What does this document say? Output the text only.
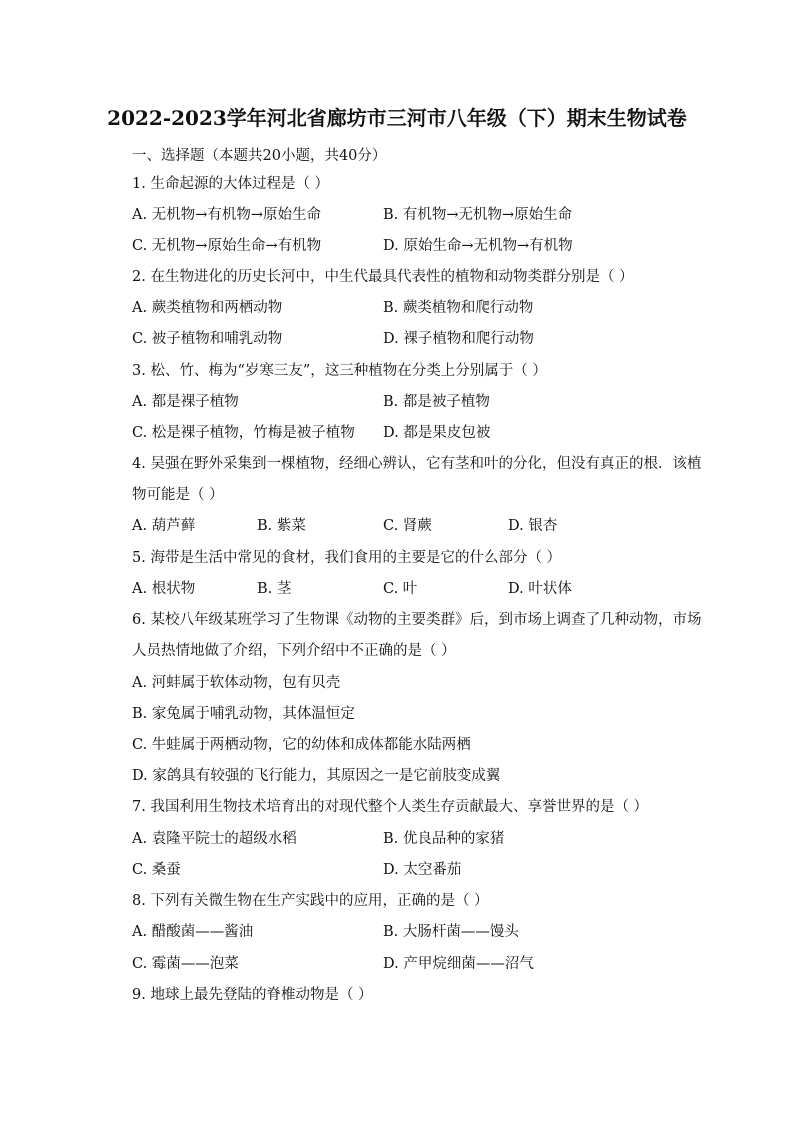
2022-2023学年河北省廊坊市三河市八年级（下）期末生物试卷
一、选择题（本题共20小题，共40分）
1. 生命起源的大体过程是（ ）
A. 无机物→有机物→原始生命	B. 有机物→无机物→原始生命
C. 无机物→原始生命→有机物	D. 原始生命→无机物→有机物
2. 在生物进化的历史长河中，中生代最具代表性的植物和动物类群分别是（ ）
A. 蕨类植物和两栖动物	B. 蕨类植物和爬行动物
C. 被子植物和哺乳动物	D. 裸子植物和爬行动物
3. 松、竹、梅为“岁寒三友”，这三种植物在分类上分别属于（ ）
A. 都是裸子植物	B. 都是被子植物
C. 松是裸子植物，竹梅是被子植物 D. 都是果皮包被
4. 吴强在野外采集到一棵植物，经细心辨认，它有茎和叶的分化，但没有真正的根．该植
物可能是（ ）
A. 葫芦藓	B. 紫菜	C. 肾蕨	D. 银杏
5. 海带是生活中常见的食材，我们食用的主要是它的什么部分（ ）
A. 根状物	B. 茎	C. 叶	D. 叶状体
6. 某校八年级某班学习了生物课《动物的主要类群》后，到市场上调查了几种动物，市场
人员热情地做了介绍，下列介绍中不正确的是（ ）
A. 河蚌属于软体动物，包有贝壳
B. 家兔属于哺乳动物，其体温恒定
C. 牛蛙属于两栖动物，它的幼体和成体都能水陆两栖
D. 家鸽具有较强的飞行能力，其原因之一是它前肢变成翼
7. 我国利用生物技术培育出的对现代整个人类生存贡献最大、享誉世界的是（ ）
A. 袁隆平院士的超级水稻	B. 优良品种的家猪
C. 桑蚕	D. 太空番茄
8. 下列有关微生物在生产实践中的应用，正确的是（ ）
A. 醋酸菌——酱油	B. 大肠杆菌——馒头
C. 霉菌——泡菜	D. 产甲烷细菌——沼气
9. 地球上最先登陆的脊椎动物是（ ）
